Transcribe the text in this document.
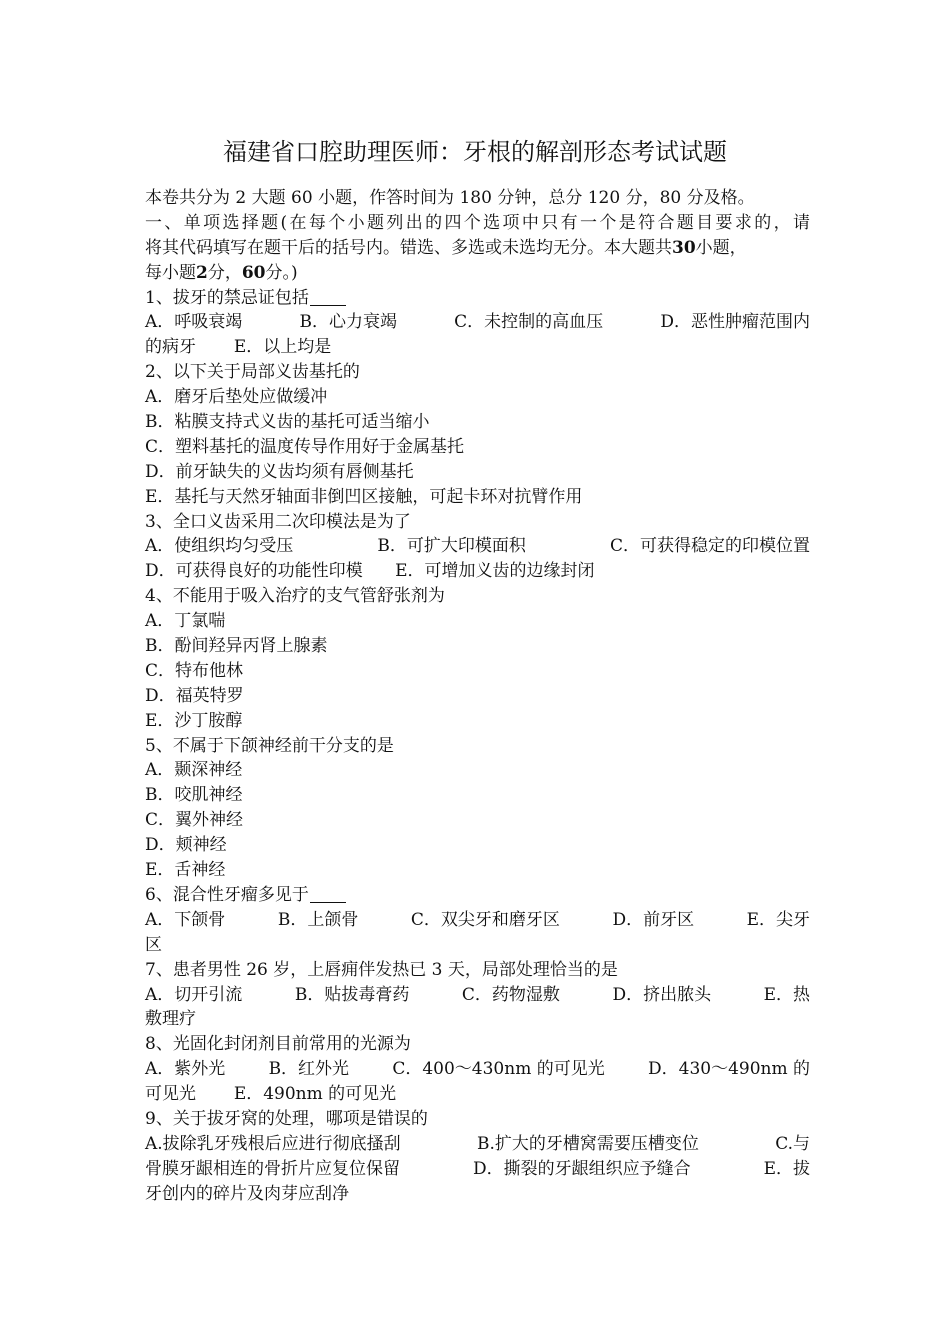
福建省口腔助理医师：牙根的解剖形态考试试题
本卷共分为 2 大题 60 小题，作答时间为 180 分钟，总分 120 分，80 分及格。
一、单项选择题(在每个小题列出的四个选项中只有一个是符合题目要求的，请
将其代码填写在题干后的括号内。错选、多选或未选均无分。本大题共30小题，
每小题2分，60分。)
1、拔牙的禁忌证包括
A．呼吸衰竭	B．心力衰竭	C．未控制的高血压	D．恶性肿瘤范围内
的病牙 E．以上均是
2、以下关于局部义齿基托的
A．磨牙后垫处应做缓冲
B．粘膜支持式义齿的基托可适当缩小
C．塑料基托的温度传导作用好于金属基托
D．前牙缺失的义齿均须有唇侧基托
E．基托与天然牙轴面非倒凹区接触，可起卡环对抗臂作用
3、全口义齿采用二次印模法是为了
A．使组织均匀受压	B．可扩大印模面积	C．可获得稳定的印模位置
D．可获得良好的功能性印模 E．可增加义齿的边缘封闭
4、不能用于吸入治疗的支气管舒张剂为
A．丁氯喘
B．酚间羟异丙肾上腺素
C．特布他林
D．福英特罗
E．沙丁胺醇
5、不属于下颌神经前干分支的是
A．颞深神经
B．咬肌神经
C．翼外神经
D．颊神经
E．舌神经
6、混合性牙瘤多见于
A．下颌骨	B．上颌骨	C．双尖牙和磨牙区	D．前牙区	E．尖牙
区
7、患者男性 26 岁，上唇痈伴发热已 3 天，局部处理恰当的是
A．切开引流	B．贴拔毒膏药	C．药物湿敷	D．挤出脓头	E．热
敷理疗
8、光固化封闭剂目前常用的光源为
A．紫外光	B．红外光	C．400～430nm 的可见光	D．430～490nm 的
可见光 E．490nm 的可见光
9、关于拔牙窝的处理，哪项是错误的
A.拔除乳牙残根后应进行彻底搔刮	B.扩大的牙槽窝需要压槽变位	C.与
骨膜牙龈相连的骨折片应复位保留	D．撕裂的牙龈组织应予缝合	E．拔
牙创内的碎片及肉芽应刮净
